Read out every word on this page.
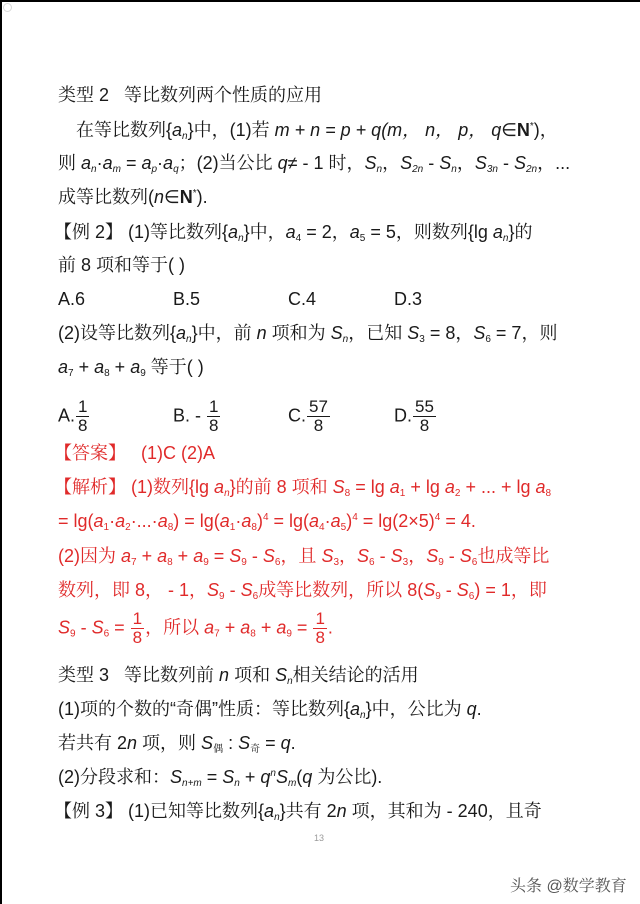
类型 2 等比数列两个性质的应用
在等比数列$\{a_n\}$中，(1)若 m + n = p + q(m， n， p， q∈N*)，
则 $a_n\cdot a_m = a_p\cdot a_q$；(2)当公比 q≠ - 1 时，$S_n$，$S_{2n} - S_n$，$S_{3n} - S_{2n}$，...
成等比数列(n∈N*).
【例 2】 (1)等比数列$\{a_n\}$中，$a_4 = 2$，$a_5 = 5$，则数列{lg $a_n$}的
前 8 项和等于( )
A.6	B.5	C.4	D.3
(2)设等比数列$\{a_n\}$中，前 n 项和为 $S_n$，已知 $S_3 = 8$，$S_6 = 7$，则
$a_7 + a_8 + a_9$ 等于( )
A. $\frac{1}{8}$	B. - $\frac{1}{8}$	C. $\frac{57}{8}$	D. $\frac{55}{8}$
【答案】 (1)C (2)A
【解析】 (1)数列{lg $a_n$}的前 8 项和 $S_8 = \lg a_1 + \lg a_2$ + ... + $\lg a_8$
= $\lg(a_1\cdot a_2\cdot...\cdot a_8) = \lg(a_1\cdot a_8)^4 = \lg(a_4\cdot a_5)^4 = \lg(2\times 5)^4 = 4$.
(2)因为 $a_7 + a_8 + a_9 = S_9 - S_6$，且 $S_3$，$S_6 - S_3$，$S_9 - S_6$也成等比
数列，即 8， - 1，$S_9 - S_6$成等比数列，所以 $8(S_9 - S_6) = 1$，即
$S_9 - S_6 = \frac{1}{8}$ ，所以 $a_7 + a_8 + a_9 = \frac{1}{8}$ .
类型 3 等比数列前 n 项和 $S_n$相关结论的活用
(1)项的个数的“奇偶”性质：等比数列$\{a_n\}$中，公比为 q.
若共有 2n 项，则 $S_偶$ : $S_奇 = q$.
(2)分段求和：$S_{n+m} = S_n + q^nS_m(q$ 为公比).
【例 3】 (1)已知等比数列$\{a_n\}$共有 2n 项，其和为 - 240，且奇
13
头条 @数学教育
